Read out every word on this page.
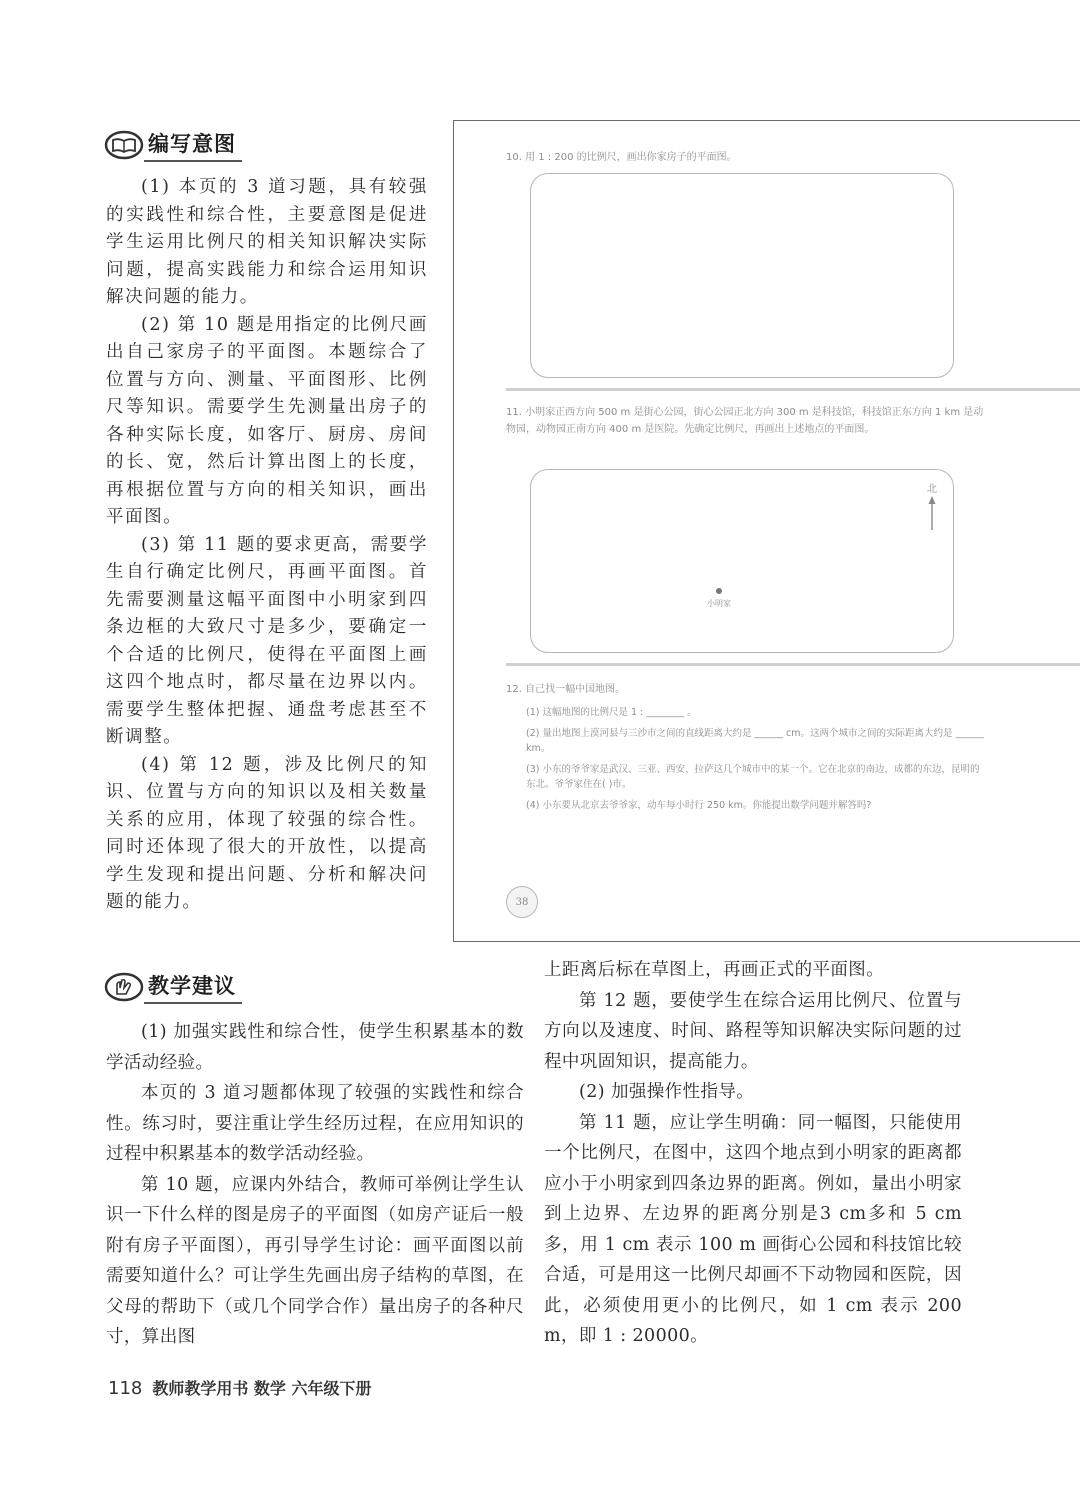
编写意图

(1) 本页的 3 道习题，具有较强的实践性和综合性，主要意图是促进学生运用比例尺的相关知识解决实际问题，提高实践能力和综合运用知识解决问题的能力。

(2) 第 10 题是用指定的比例尺画出自己家房子的平面图。本题综合了位置与方向、测量、平面图形、比例尺等知识。需要学生先测量出房子的各种实际长度，如客厅、厨房、房间的长、宽，然后计算出图上的长度，再根据位置与方向的相关知识，画出平面图。

(3) 第 11 题的要求更高，需要学生自行确定比例尺，再画平面图。首先需要测量这幅平面图中小明家到四条边框的大致尺寸是多少，要确定一个合适的比例尺，使得在平面图上画这四个地点时，都尽量在边界以内。需要学生整体把握、通盘考虑甚至不断调整。

(4) 第 12 题，涉及比例尺的知识、位置与方向的知识以及相关数量关系的应用，体现了较强的综合性。同时还体现了很大的开放性，以提高学生发现和提出问题、分析和解决问题的能力。

10. 用 1 : 200 的比例尺，画出你家房子的平面图。
11. 小明家正西方向 500 m 是街心公园，街心公园正北方向 300 m 是科技馆，科技馆正东方向 1 km 是动物园，动物园正南方向 400 m 是医院。先确定比例尺，再画出上述地点的平面图。
北
小明家
12. 自己找一幅中国地图。

(1) 这幅地图的比例尺是 1 : ________ 。

(2) 量出地图上漠河县与三沙市之间的直线距离大约是 ______ cm。这两个城市之间的实际距离大约是 ______ km。

(3) 小东的爷爷家是武汉、三亚、西安、拉萨这几个城市中的某一个。它在北京的南边，成都的东边，昆明的东北。爷爷家住在( )市。

(4) 小东要从北京去爷爷家，动车每小时行 250 km。你能提出数学问题并解答吗?

38
教学建议

(1) 加强实践性和综合性，使学生积累基本的数学活动经验。

本页的 3 道习题都体现了较强的实践性和综合性。练习时，要注重让学生经历过程，在应用知识的过程中积累基本的数学活动经验。

第 10 题，应课内外结合，教师可举例让学生认识一下什么样的图是房子的平面图（如房产证后一般附有房子平面图），再引导学生讨论：画平面图以前需要知道什么？可让学生先画出房子结构的草图，在父母的帮助下（或几个同学合作）量出房子的各种尺寸，算出图

上距离后标在草图上，再画正式的平面图。

第 12 题，要使学生在综合运用比例尺、位置与方向以及速度、时间、路程等知识解决实际问题的过程中巩固知识，提高能力。

(2) 加强操作性指导。

第 11 题，应让学生明确：同一幅图，只能使用一个比例尺，在图中，这四个地点到小明家的距离都应小于小明家到四条边界的距离。例如，量出小明家到上边界、左边界的距离分别是3 cm多和 5 cm 多，用 1 cm 表示 100 m 画街心公园和科技馆比较合适，可是用这一比例尺却画不下动物园和医院，因此，必须使用更小的比例尺，如 1 cm 表示 200 m，即 1 : 20000。

118 教师教学用书 数学 六年级下册
